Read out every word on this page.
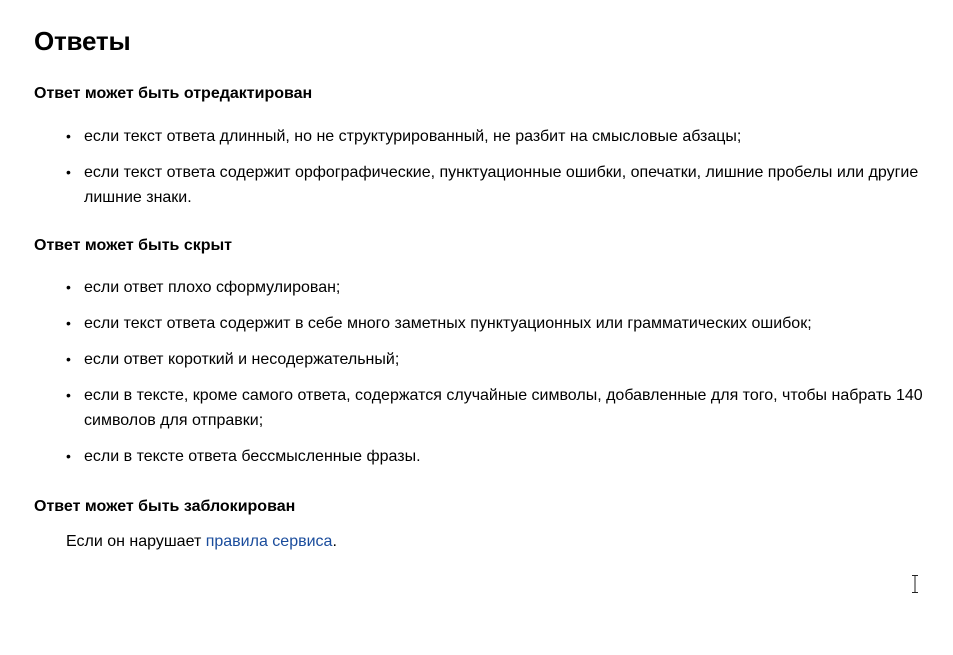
Ответы
Ответ может быть отредактирован
• если текст ответа длинный, но не структурированный, не разбит на смысловые абзацы;
• если текст ответа содержит орфографические, пунктуационные ошибки, опечатки, лишние пробелы или другие лишние знаки.
Ответ может быть скрыт
• если ответ плохо сформулирован;
• если текст ответа содержит в себе много заметных пунктуационных или грамматических ошибок;
• если ответ короткий и несодержательный;
• если в тексте, кроме самого ответа, содержатся случайные символы, добавленные для того, чтобы набрать 140 символов для отправки;
• если в тексте ответа бессмысленные фразы.
Ответ может быть заблокирован
Если он нарушает правила сервиса.
